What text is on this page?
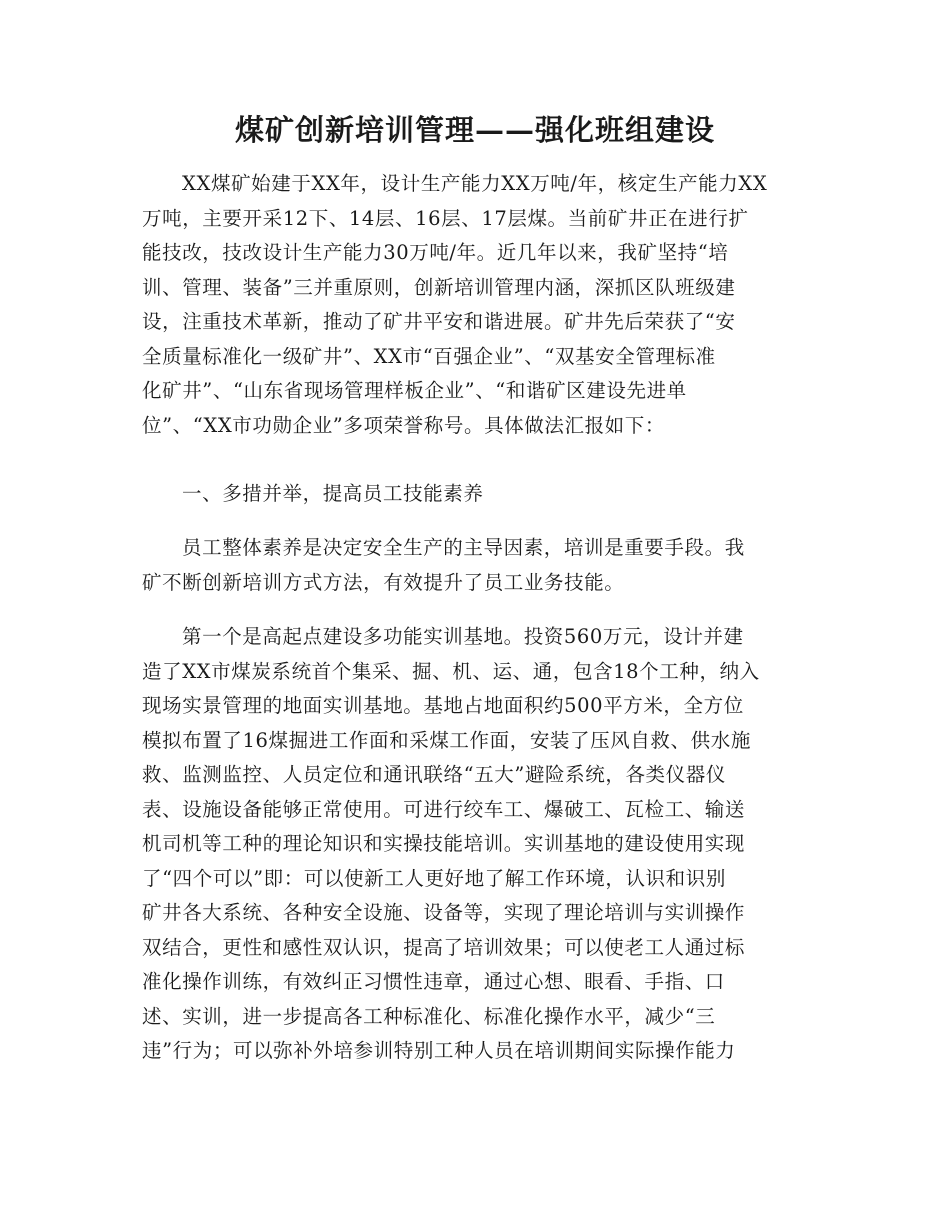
煤矿创新培训管理——强化班组建设
XX煤矿始建于XX年，设计生产能力XX万吨/年，核定生产能力XX
万吨，主要开采12下、14层、16层、17层煤。当前矿井正在进行扩
能技改，技改设计生产能力30万吨/年。近几年以来，我矿坚持“培
训、管理、装备”三并重原则，创新培训管理内涵，深抓区队班级建
设，注重技术革新，推动了矿井平安和谐进展。矿井先后荣获了“安
全质量标准化一级矿井”、XX市“百强企业”、“双基安全管理标准
化矿井”、“山东省现场管理样板企业”、“和谐矿区建设先进单
位”、“XX市功勋企业”多项荣誉称号。具体做法汇报如下：
一、多措并举，提高员工技能素养
员工整体素养是决定安全生产的主导因素，培训是重要手段。我
矿不断创新培训方式方法，有效提升了员工业务技能。
第一个是高起点建设多功能实训基地。投资560万元，设计并建
造了XX市煤炭系统首个集采、掘、机、运、通，包含18个工种，纳入
现场实景管理的地面实训基地。基地占地面积约500平方米，全方位
模拟布置了16煤掘进工作面和采煤工作面，安装了压风自救、供水施
救、监测监控、人员定位和通讯联络“五大”避险系统，各类仪器仪
表、设施设备能够正常使用。可进行绞车工、爆破工、瓦检工、输送
机司机等工种的理论知识和实操技能培训。实训基地的建设使用实现
了“四个可以”即：可以使新工人更好地了解工作环境，认识和识别
矿井各大系统、各种安全设施、设备等，实现了理论培训与实训操作
双结合，更性和感性双认识，提高了培训效果；可以使老工人通过标
准化操作训练，有效纠正习惯性违章，通过心想、眼看、手指、口
述、实训，进一步提高各工种标准化、标准化操作水平，减少“三
违”行为；可以弥补外培参训特别工种人员在培训期间实际操作能力
